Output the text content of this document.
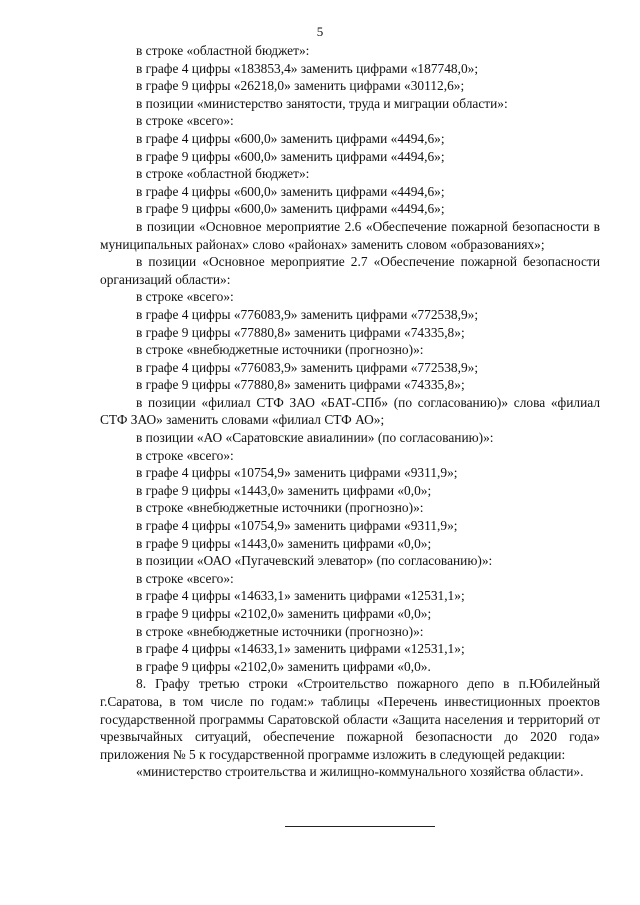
5

в строке «областной бюджет»:

в графе 4 цифры «183853,4» заменить цифрами «187748,0»;

в графе 9 цифры «26218,0» заменить цифрами «30112,6»;

в позиции «министерство занятости, труда и миграции области»:

в строке «всего»:

в графе 4 цифры «600,0» заменить цифрами «4494,6»;

в графе 9 цифры «600,0» заменить цифрами «4494,6»;

в строке «областной бюджет»:

в графе 4 цифры «600,0» заменить цифрами «4494,6»;

в графе 9 цифры «600,0» заменить цифрами «4494,6»;

в позиции «Основное мероприятие 2.6 «Обеспечение пожарной безопасности в муниципальных районах» слово «районах» заменить словом «образованиях»;

в позиции «Основное мероприятие 2.7 «Обеспечение пожарной безопасности организаций области»:

в строке «всего»:

в графе 4 цифры «776083,9» заменить цифрами «772538,9»;

в графе 9 цифры «77880,8» заменить цифрами «74335,8»;

в строке «внебюджетные источники (прогнозно)»:

в графе 4 цифры «776083,9» заменить цифрами «772538,9»;

в графе 9 цифры «77880,8» заменить цифрами «74335,8»;

в позиции «филиал СТФ ЗАО «БАТ-СПб» (по согласованию)» слова «филиал СТФ ЗАО» заменить словами «филиал СТФ АО»;

в позиции «АО «Саратовские авиалинии» (по согласованию)»:

в строке «всего»:

в графе 4 цифры «10754,9» заменить цифрами «9311,9»;

в графе 9 цифры «1443,0» заменить цифрами «0,0»;

в строке «внебюджетные источники (прогнозно)»:

в графе 4 цифры «10754,9» заменить цифрами «9311,9»;

в графе 9 цифры «1443,0» заменить цифрами «0,0»;

в позиции «ОАО «Пугачевский элеватор» (по согласованию)»:

в строке «всего»:

в графе 4 цифры «14633,1» заменить цифрами «12531,1»;

в графе 9 цифры «2102,0» заменить цифрами «0,0»;

в строке «внебюджетные источники (прогнозно)»:

в графе 4 цифры «14633,1» заменить цифрами «12531,1»;

в графе 9 цифры «2102,0» заменить цифрами «0,0».

8. Графу третью строки «Строительство пожарного депо в п.Юбилейный г.Саратова, в том числе по годам:» таблицы «Перечень инвестиционных проектов государственной программы Саратовской области «Защита населения и территорий от чрезвычайных ситуаций, обеспечение пожарной безопасности до 2020 года» приложения № 5 к государственной программе изложить в следующей редакции:

«министерство строительства и жилищно-коммунального хозяйства области».
